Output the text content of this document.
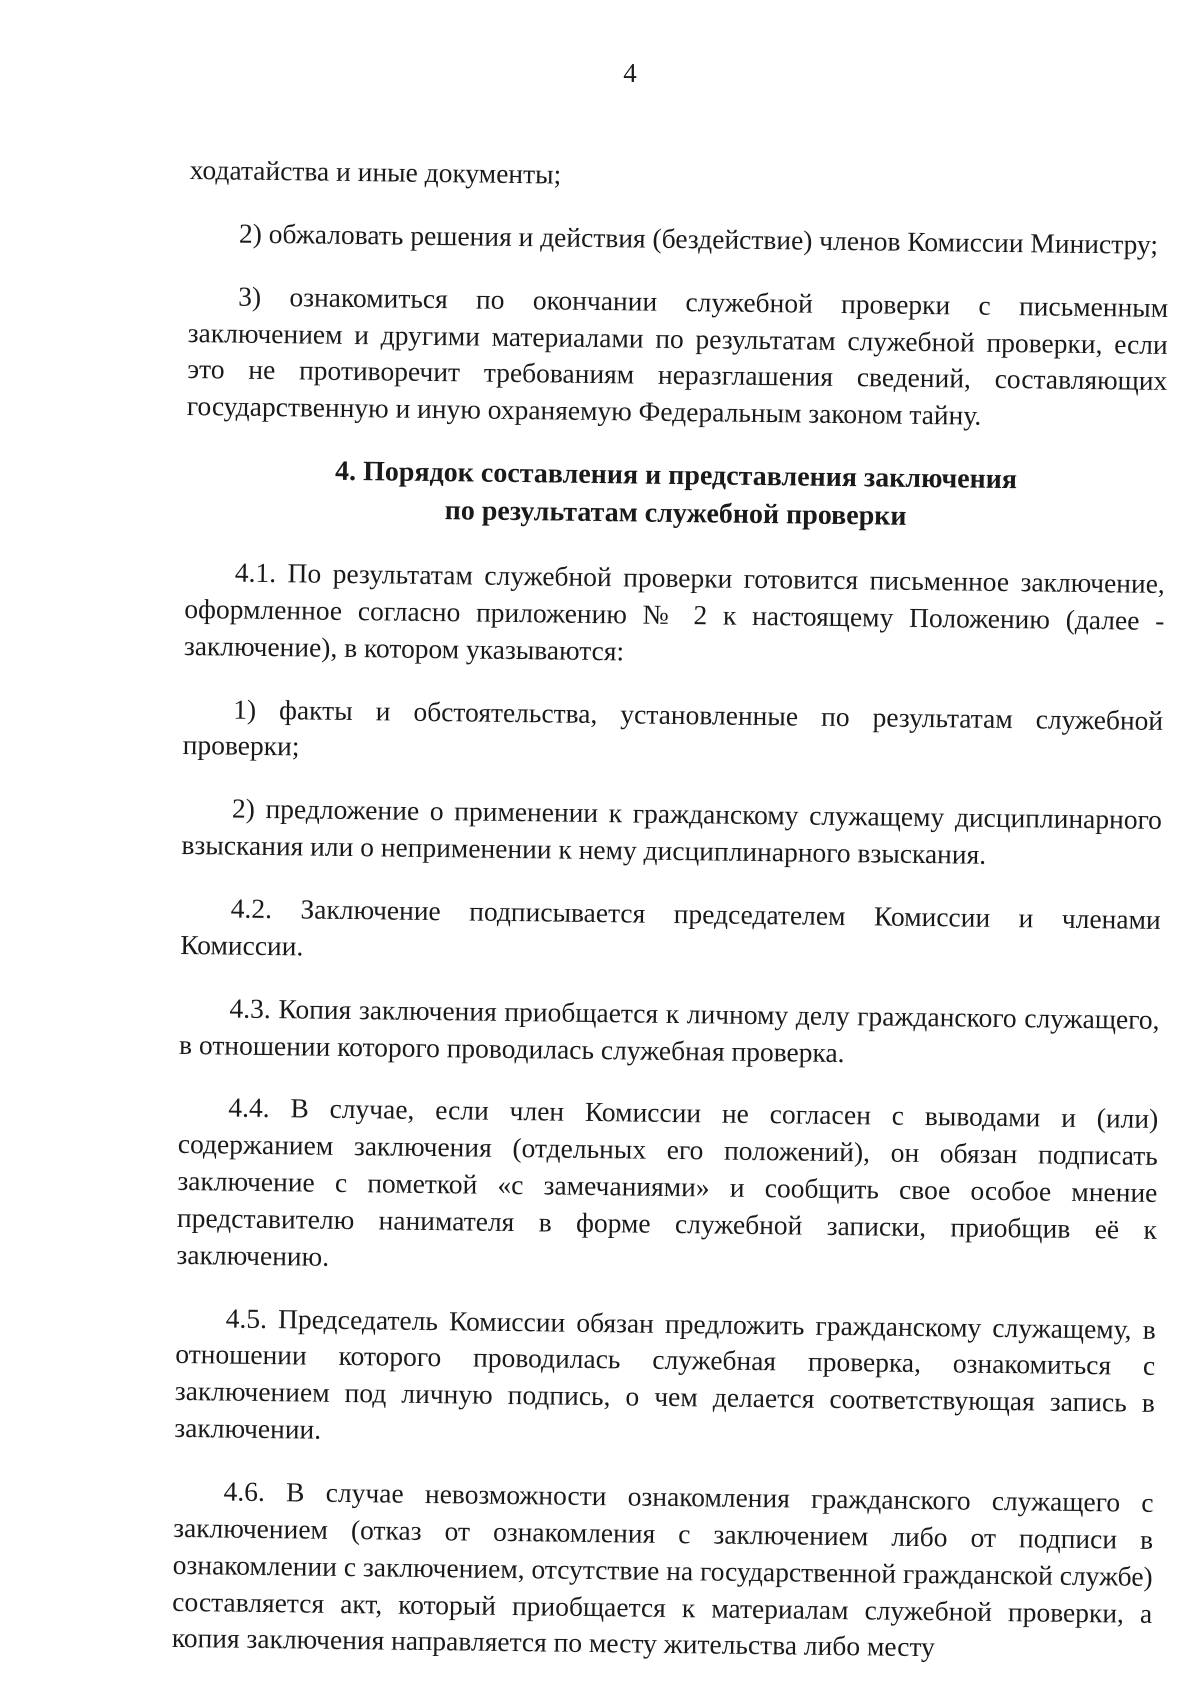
4

ходатайства и иные документы;

2) обжаловать решения и действия (бездействие) членов Комиссии Министру;

3) ознакомиться по окончании служебной проверки с письменным заключением и другими материалами по результатам служебной проверки, если это не противоречит требованиям неразглашения сведений, составляющих государственную и иную охраняемую Федеральным законом тайну.

4. Порядок составления и представления заключения
по результатам служебной проверки

4.1. По результатам служебной проверки готовится письменное заключение, оформленное согласно приложению № 2 к настоящему Положению (далее - заключение), в котором указываются:

1) факты и обстоятельства, установленные по результатам служебной проверки;

2) предложение о применении к гражданскому служащему дисциплинарного взыскания или о неприменении к нему дисциплинарного взыскания.

4.2. Заключение подписывается председателем Комиссии и членами Комиссии.

4.3. Копия заключения приобщается к личному делу гражданского служащего, в отношении которого проводилась служебная проверка.

4.4. В случае, если член Комиссии не согласен с выводами и (или) содержанием заключения (отдельных его положений), он обязан подписать заключение с пометкой «с замечаниями» и сообщить свое особое мнение представителю нанимателя в форме служебной записки, приобщив её к заключению.

4.5. Председатель Комиссии обязан предложить гражданскому служащему, в отношении которого проводилась служебная проверка, ознакомиться с заключением под личную подпись, о чем делается соответствующая запись в заключении.

4.6. В случае невозможности ознакомления гражданского служащего с заключением (отказ от ознакомления с заключением либо от подписи в ознакомлении с заключением, отсутствие на государственной гражданской службе) составляется акт, который приобщается к материалам служебной проверки, а копия заключения направляется по месту жительства либо месту
